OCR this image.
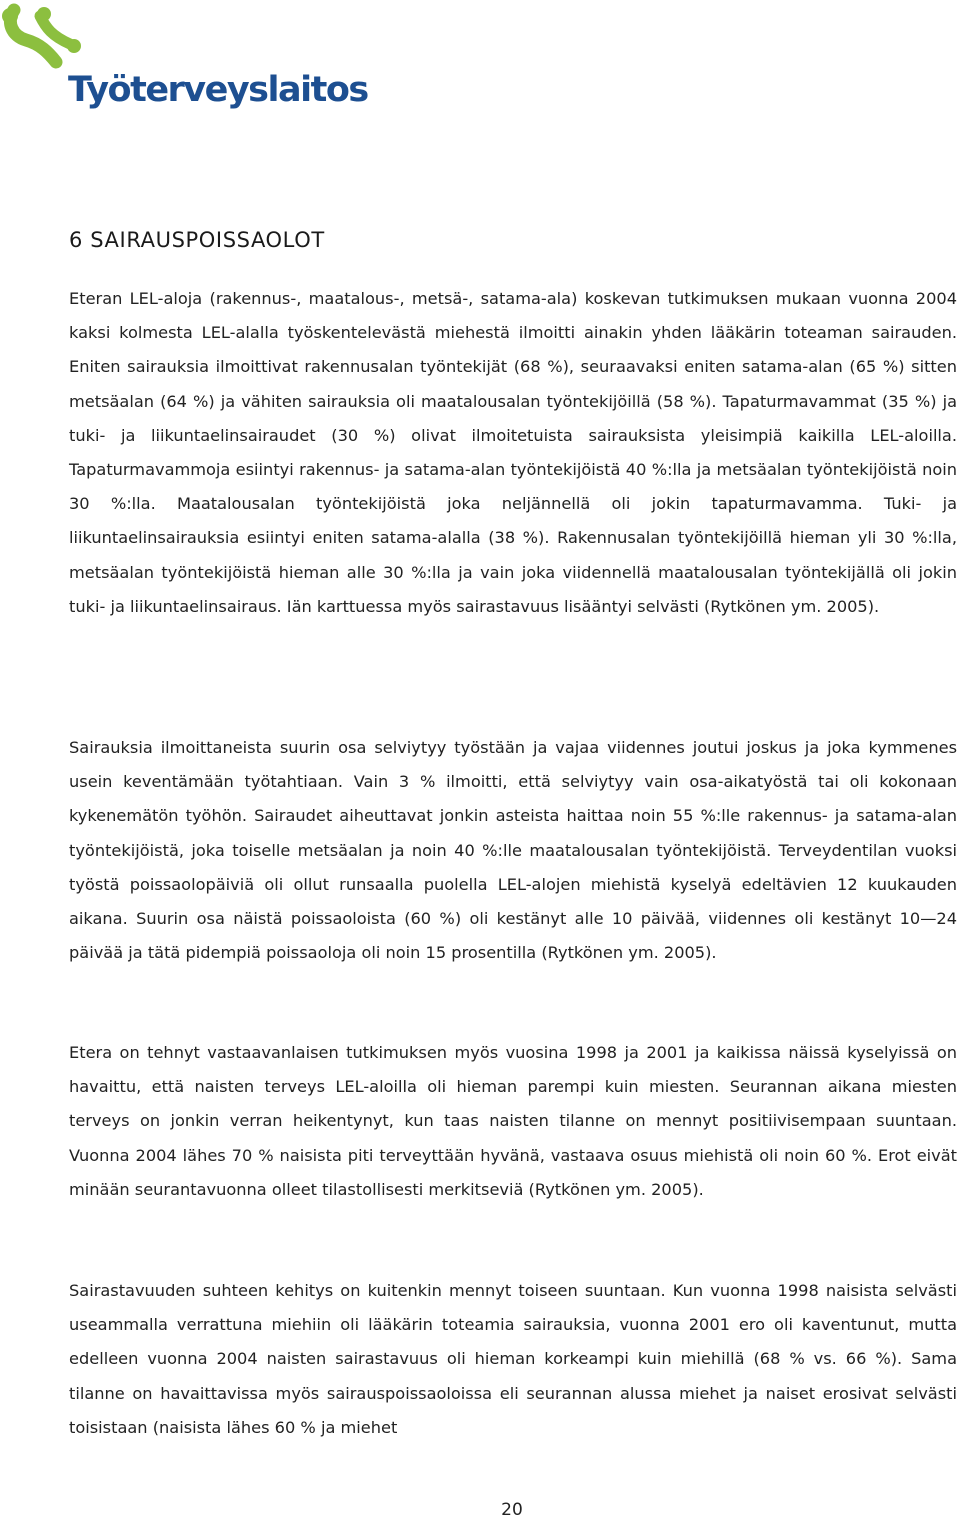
Työterveyslaitos
6 SAIRAUSPOISSAOLOT

Eteran LEL-aloja (rakennus-, maatalous-, metsä-, satama-ala) koskevan tutkimuksen mukaan vuonna 2004 kaksi kolmesta LEL-alalla työskentelevästä miehestä ilmoitti ainakin yhden lääkärin toteaman sairauden. Eniten sairauksia ilmoittivat rakennusalan työntekijät (68 %), seuraavaksi eniten satama-alan (65 %) sitten metsäalan (64 %) ja vähiten sairauksia oli maatalousalan työntekijöillä (58 %). Tapaturmavammat (35 %) ja tuki- ja liikuntaelinsairaudet (30 %) olivat ilmoitetuista sairauksista yleisimpiä kaikilla LEL-aloilla. Tapaturmavammoja esiintyi rakennus- ja satama-alan työntekijöistä 40 %:lla ja metsäalan työntekijöistä noin 30 %:lla. Maatalousalan työntekijöistä joka neljännellä oli jokin tapaturmavamma. Tuki- ja liikuntaelinsairauksia esiintyi eniten satama-alalla (38 %). Rakennusalan työntekijöillä hieman yli 30 %:lla, metsäalan työntekijöistä hieman alle 30 %:lla ja vain joka viidennellä maatalousalan työntekijällä oli jokin tuki- ja liikuntaelinsairaus. Iän karttuessa myös sairastavuus lisääntyi selvästi (Rytkönen ym. 2005).

Sairauksia ilmoittaneista suurin osa selviytyy työstään ja vajaa viidennes joutui joskus ja joka kymmenes usein keventämään työtahtiaan. Vain 3 % ilmoitti, että selviytyy vain osa-aikatyöstä tai oli kokonaan kykenemätön työhön. Sairaudet aiheuttavat jonkin asteista haittaa noin 55 %:lle rakennus- ja satama-alan työntekijöistä, joka toiselle metsäalan ja noin 40 %:lle maatalousalan työntekijöistä. Terveydentilan vuoksi työstä poissaolopäiviä oli ollut runsaalla puolella LEL-alojen miehistä kyselyä edeltävien 12 kuukauden aikana. Suurin osa näistä poissaoloista (60 %) oli kestänyt alle 10 päivää, viidennes oli kestänyt 10—24 päivää ja tätä pidempiä poissaoloja oli noin 15 prosentilla (Rytkönen ym. 2005).

Etera on tehnyt vastaavanlaisen tutkimuksen myös vuosina 1998 ja 2001 ja kaikissa näissä kyselyissä on havaittu, että naisten terveys LEL-aloilla oli hieman parempi kuin miesten. Seurannan aikana miesten terveys on jonkin verran heikentynyt, kun taas naisten tilanne on mennyt positiivisempaan suuntaan. Vuonna 2004 lähes 70 % naisista piti terveyttään hyvänä, vastaava osuus miehistä oli noin 60 %. Erot eivät minään seurantavuonna olleet tilastollisesti merkitseviä (Rytkönen ym. 2005).

Sairastavuuden suhteen kehitys on kuitenkin mennyt toiseen suuntaan. Kun vuonna 1998 naisista selvästi useammalla verrattuna miehiin oli lääkärin toteamia sairauksia, vuonna 2001 ero oli kaventunut, mutta edelleen vuonna 2004 naisten sairastavuus oli hieman korkeampi kuin miehillä (68 % vs. 66 %). Sama tilanne on havaittavissa myös sairauspoissaoloissa eli seurannan alussa miehet ja naiset erosivat selvästi toisistaan (naisista lähes 60 % ja miehet

20
